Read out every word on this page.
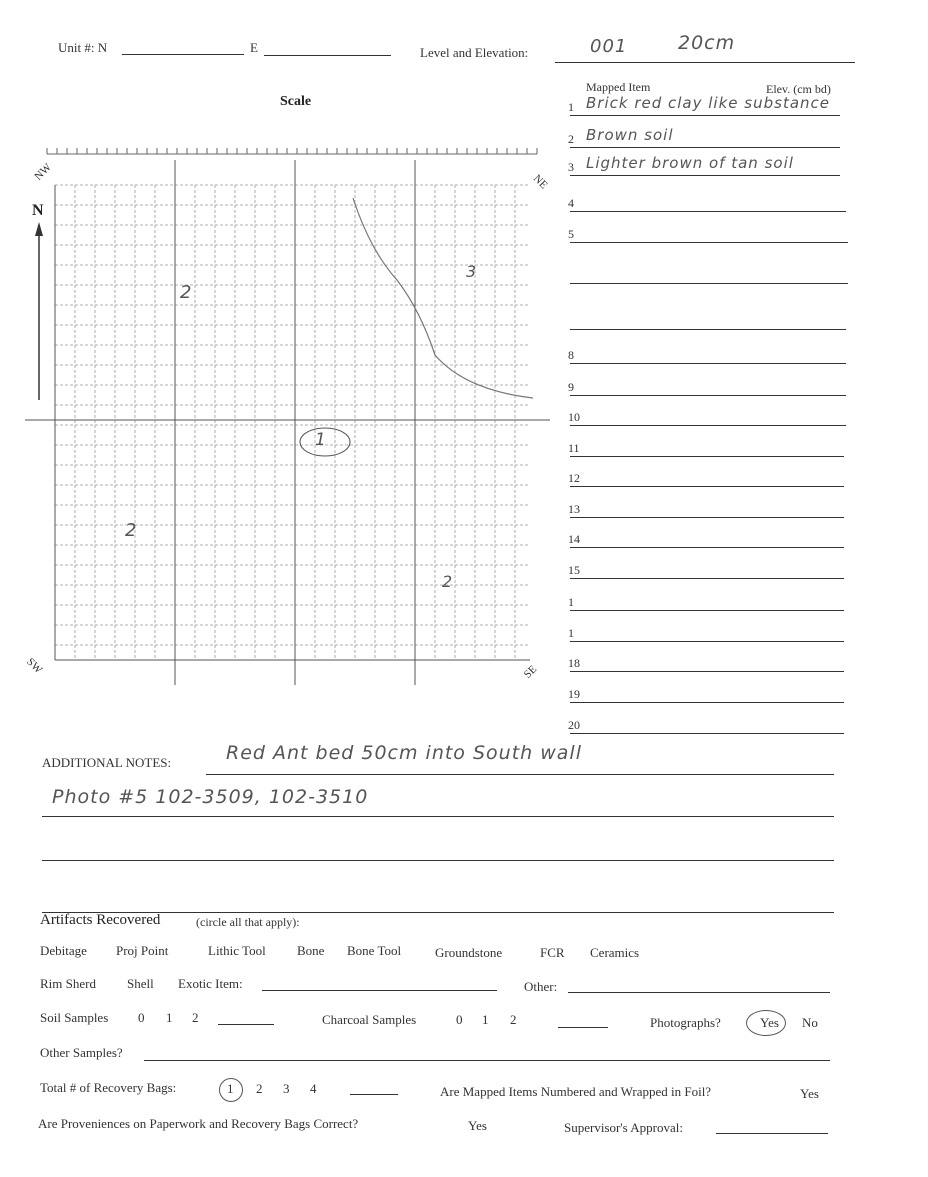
Unit #: N	E	Level and Elevation:	001	20cm
Scale
N
NW	NE
SW	SE
2
3
1
2
2
Mapped Item	Elev. (cm bd)
1 Brick red clay like substance
2 Brown soil
3 Lighter brown of tan soil
4
5
8
9
10
11
12
13
14
15
1
1
18
19
20
ADDITIONAL NOTES:	Red Ant bed 50cm into South wall
Photo #5 102-3509, 102-3510
Artifacts Recovered	(circle all that apply):
Debitage Proj Point	Lithic Tool Bone Bone Tool	Groundstone	FCR Ceramics
Rim Sherd Shell Exotic Item:	Other:
Soil Samples 0 1 2	Charcoal Samples	0 1 2	Photographs?	Yes No
Other Samples?
Total # of Recovery Bags:	1 2 3 4	Are Mapped Items Numbered and Wrapped in Foil?	Yes
Are Proveniences on Paperwork and Recovery Bags Correct?	Yes	Supervisor's Approval:
